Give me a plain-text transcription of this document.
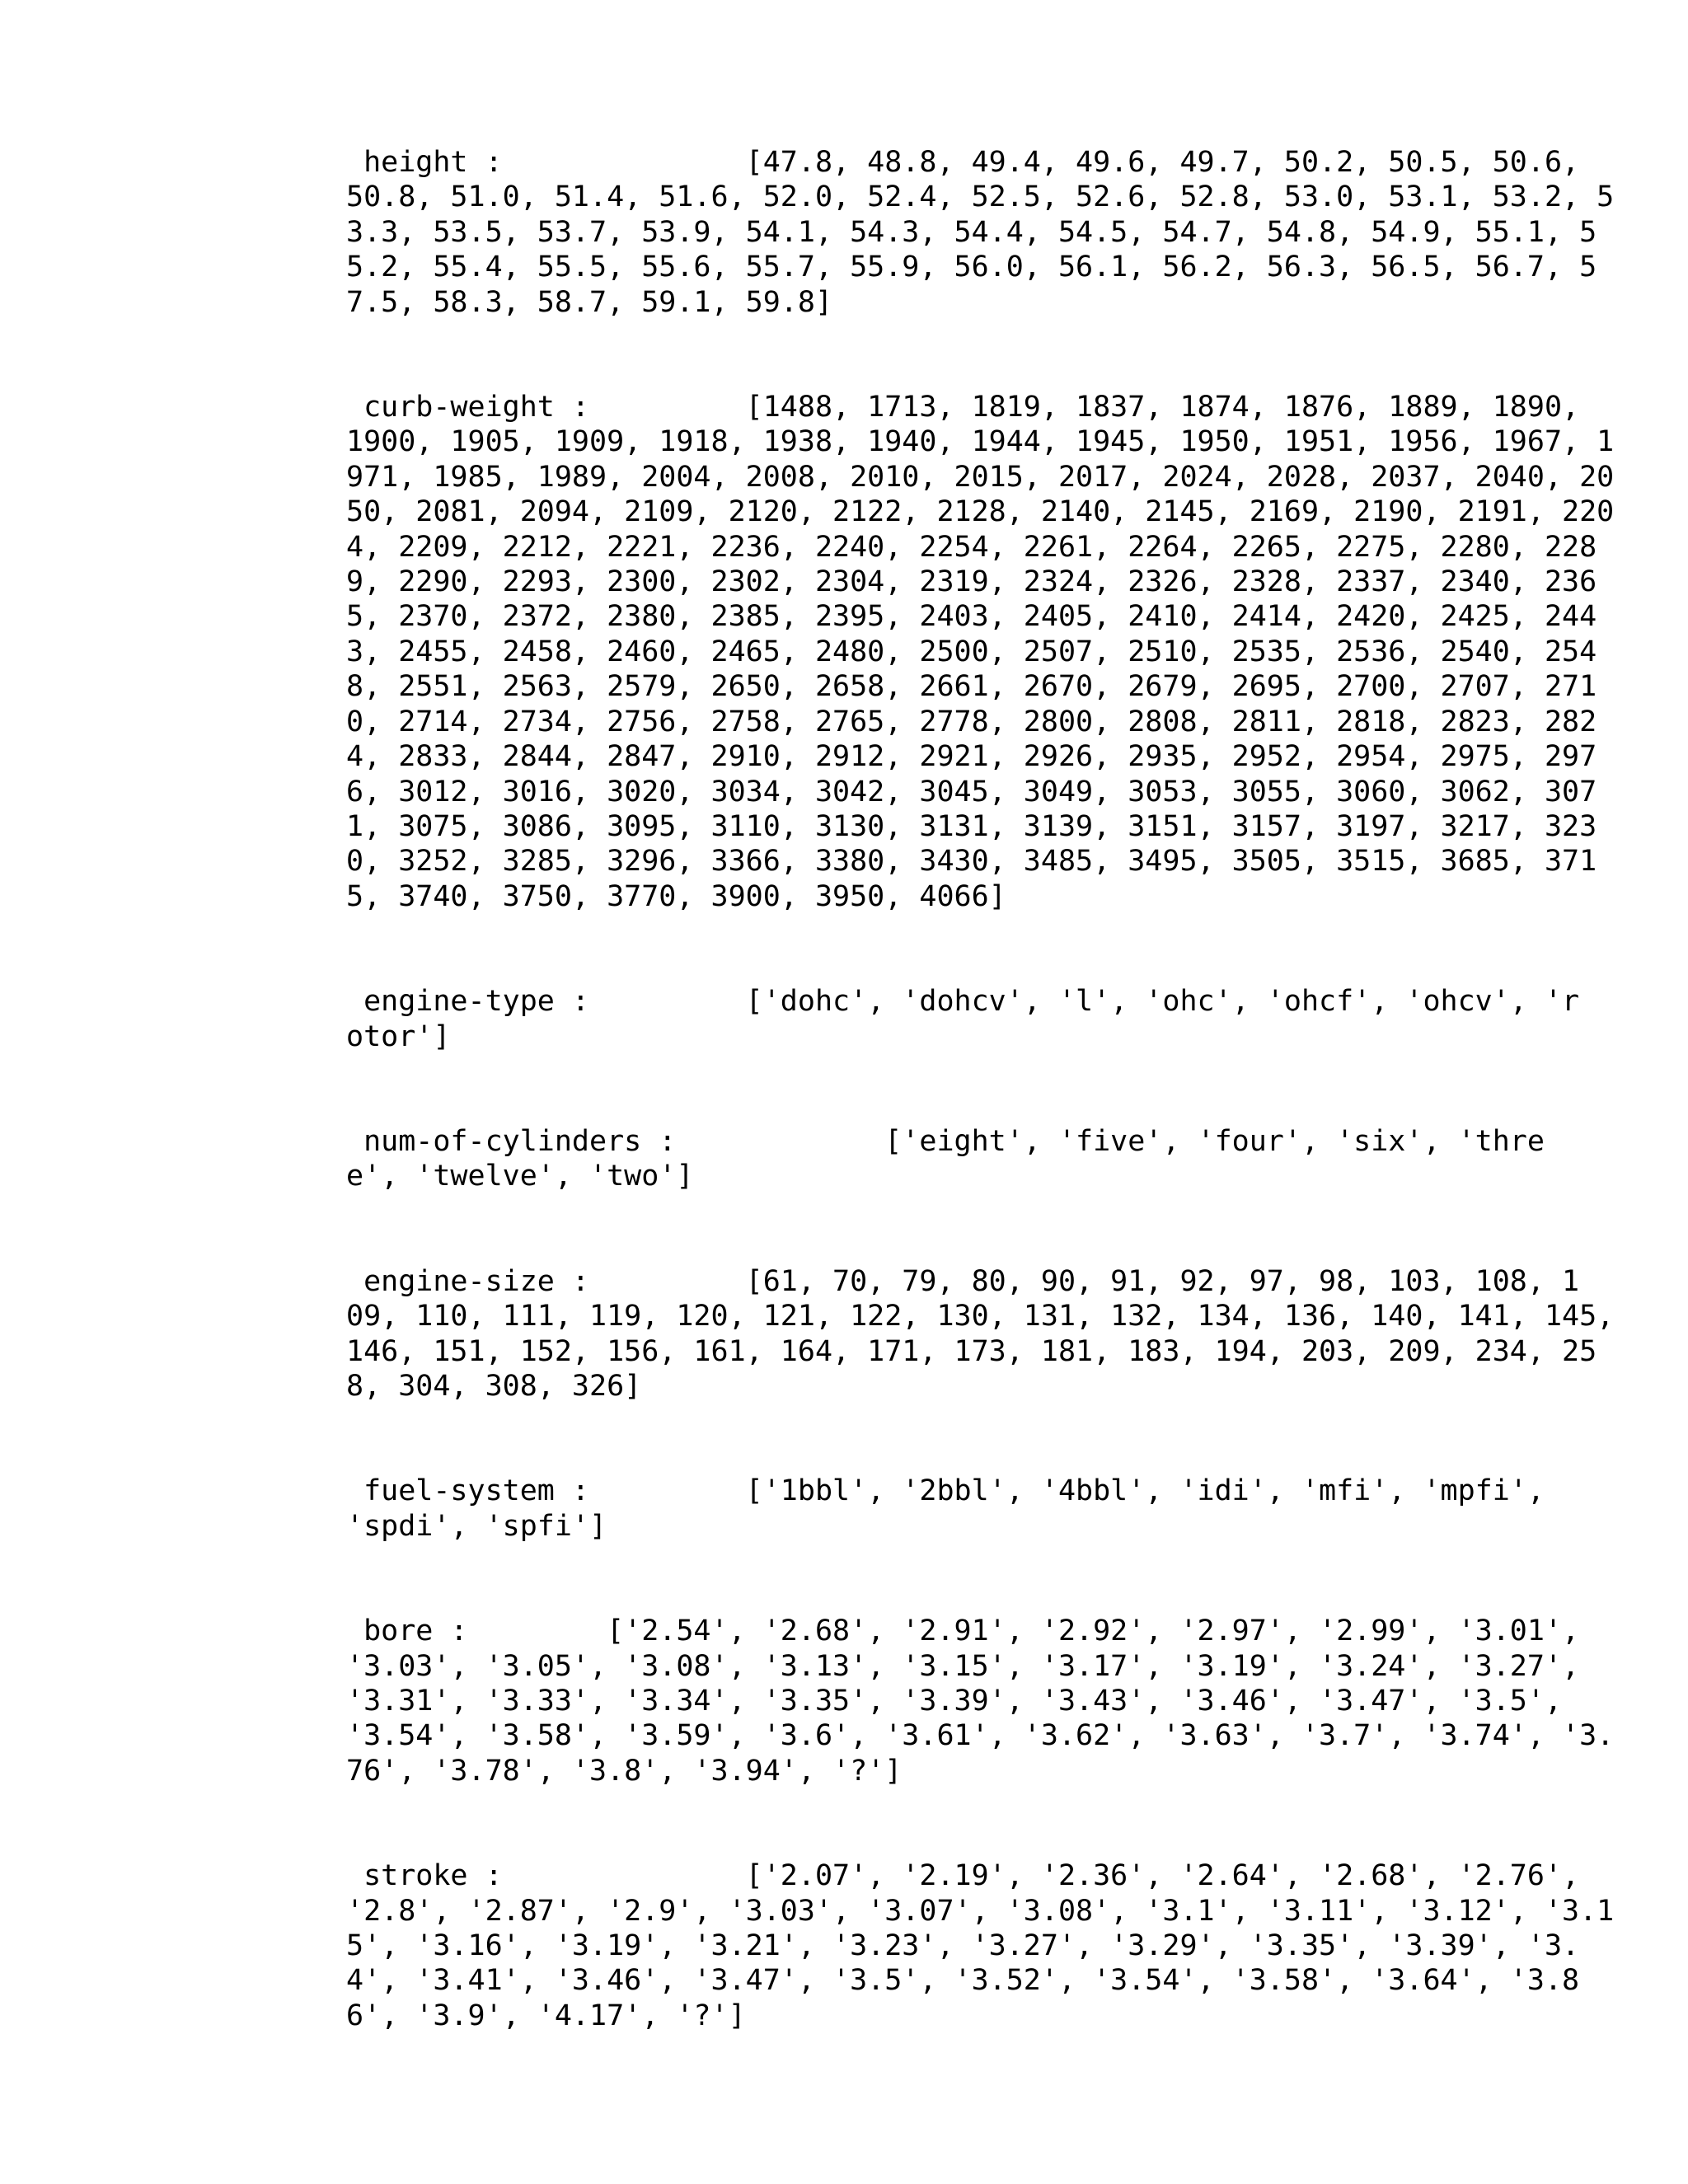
height :              [47.8, 48.8, 49.4, 49.6, 49.7, 50.2, 50.5, 50.6,
50.8, 51.0, 51.4, 51.6, 52.0, 52.4, 52.5, 52.6, 52.8, 53.0, 53.1, 53.2, 5
3.3, 53.5, 53.7, 53.9, 54.1, 54.3, 54.4, 54.5, 54.7, 54.8, 54.9, 55.1, 5
5.2, 55.4, 55.5, 55.6, 55.7, 55.9, 56.0, 56.1, 56.2, 56.3, 56.5, 56.7, 5
7.5, 58.3, 58.7, 59.1, 59.8]
curb-weight :         [1488, 1713, 1819, 1837, 1874, 1876, 1889, 1890,
1900, 1905, 1909, 1918, 1938, 1940, 1944, 1945, 1950, 1951, 1956, 1967, 1
971, 1985, 1989, 2004, 2008, 2010, 2015, 2017, 2024, 2028, 2037, 2040, 20
50, 2081, 2094, 2109, 2120, 2122, 2128, 2140, 2145, 2169, 2190, 2191, 220
4, 2209, 2212, 2221, 2236, 2240, 2254, 2261, 2264, 2265, 2275, 2280, 228
9, 2290, 2293, 2300, 2302, 2304, 2319, 2324, 2326, 2328, 2337, 2340, 236
5, 2370, 2372, 2380, 2385, 2395, 2403, 2405, 2410, 2414, 2420, 2425, 244
3, 2455, 2458, 2460, 2465, 2480, 2500, 2507, 2510, 2535, 2536, 2540, 254
8, 2551, 2563, 2579, 2650, 2658, 2661, 2670, 2679, 2695, 2700, 2707, 271
0, 2714, 2734, 2756, 2758, 2765, 2778, 2800, 2808, 2811, 2818, 2823, 282
4, 2833, 2844, 2847, 2910, 2912, 2921, 2926, 2935, 2952, 2954, 2975, 297
6, 3012, 3016, 3020, 3034, 3042, 3045, 3049, 3053, 3055, 3060, 3062, 307
1, 3075, 3086, 3095, 3110, 3130, 3131, 3139, 3151, 3157, 3197, 3217, 323
0, 3252, 3285, 3296, 3366, 3380, 3430, 3485, 3495, 3505, 3515, 3685, 371
5, 3740, 3750, 3770, 3900, 3950, 4066]
engine-type :         ['dohc', 'dohcv', 'l', 'ohc', 'ohcf', 'ohcv', 'r
otor']
num-of-cylinders :            ['eight', 'five', 'four', 'six', 'thre
e', 'twelve', 'two']
engine-size :         [61, 70, 79, 80, 90, 91, 92, 97, 98, 103, 108, 1
09, 110, 111, 119, 120, 121, 122, 130, 131, 132, 134, 136, 140, 141, 145,
146, 151, 152, 156, 161, 164, 171, 173, 181, 183, 194, 203, 209, 234, 25
8, 304, 308, 326]
fuel-system :         ['1bbl', '2bbl', '4bbl', 'idi', 'mfi', 'mpfi',
'spdi', 'spfi']
bore :        ['2.54', '2.68', '2.91', '2.92', '2.97', '2.99', '3.01',
'3.03', '3.05', '3.08', '3.13', '3.15', '3.17', '3.19', '3.24', '3.27',
'3.31', '3.33', '3.34', '3.35', '3.39', '3.43', '3.46', '3.47', '3.5',
'3.54', '3.58', '3.59', '3.6', '3.61', '3.62', '3.63', '3.7', '3.74', '3.
76', '3.78', '3.8', '3.94', '?']
stroke :              ['2.07', '2.19', '2.36', '2.64', '2.68', '2.76',
'2.8', '2.87', '2.9', '3.03', '3.07', '3.08', '3.1', '3.11', '3.12', '3.1
5', '3.16', '3.19', '3.21', '3.23', '3.27', '3.29', '3.35', '3.39', '3.
4', '3.41', '3.46', '3.47', '3.5', '3.52', '3.54', '3.58', '3.64', '3.8
6', '3.9', '4.17', '?']
